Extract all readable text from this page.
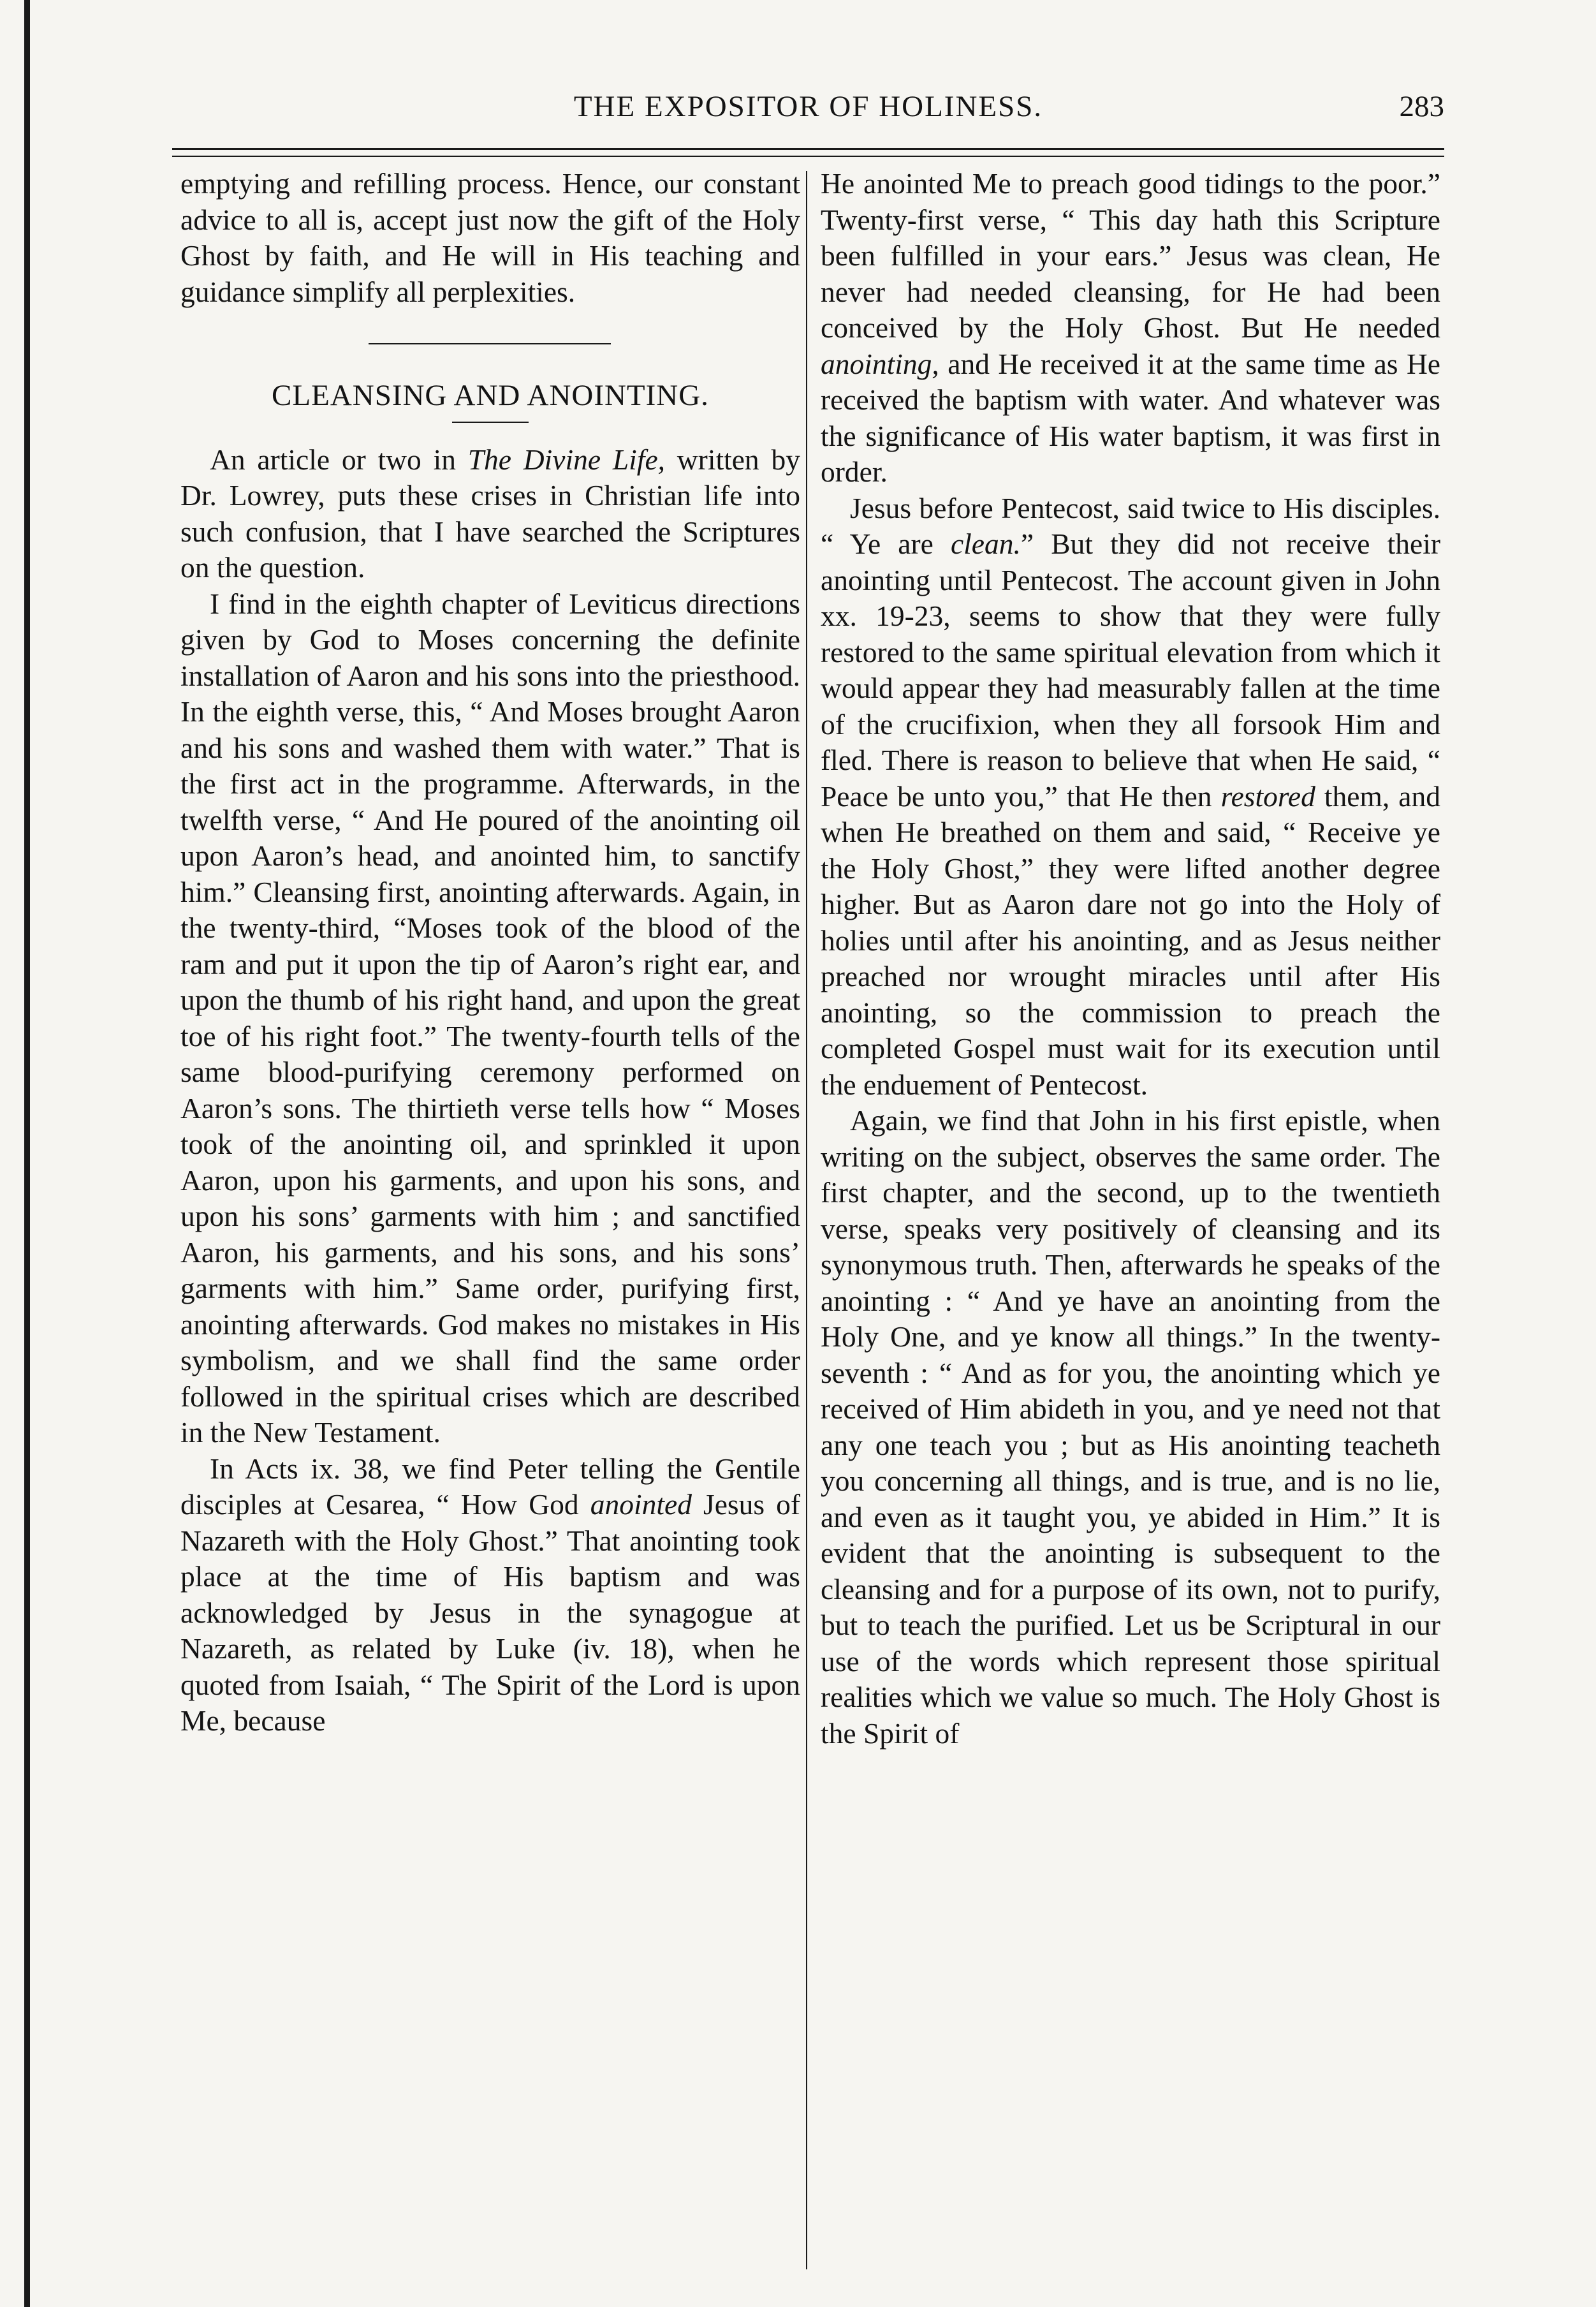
THE EXPOSITOR OF HOLINESS.	283

emptying and refilling process. Hence, our constant advice to all is, accept just now the gift of the Holy Ghost by faith, and He will in His teaching and guidance simplify all perplexities.

CLEANSING AND ANOINTING.

An article or two in The Divine Life, written by Dr. Lowrey, puts these crises in Christian life into such confusion, that I have searched the Scriptures on the question.

I find in the eighth chapter of Leviticus directions given by God to Moses concerning the definite installation of Aaron and his sons into the priesthood. In the eighth verse, this, “ And Moses brought Aaron and his sons and washed them with water.” That is the first act in the programme. Afterwards, in the twelfth verse, “ And He poured of the anointing oil upon Aaron’s head, and anointed him, to sanctify him.” Cleansing first, anointing afterwards. Again, in the twenty-third, “Moses took of the blood of the ram and put it upon the tip of Aaron’s right ear, and upon the thumb of his right hand, and upon the great toe of his right foot.” The twenty-fourth tells of the same blood-purifying ceremony performed on Aaron’s sons. The thirtieth verse tells how “ Moses took of the anointing oil, and sprinkled it upon Aaron, upon his garments, and upon his sons, and upon his sons’ garments with him ; and sanctified Aaron, his garments, and his sons, and his sons’ garments with him.” Same order, purifying first, anointing afterwards. God makes no mistakes in His symbolism, and we shall find the same order followed in the spiritual crises which are described in the New Testament.

In Acts ix. 38, we find Peter telling the Gentile disciples at Cesarea, “ How God anointed Jesus of Nazareth with the Holy Ghost.” That anointing took place at the time of His baptism and was acknowledged by Jesus in the synagogue at Nazareth, as related by Luke (iv. 18), when he quoted from Isaiah, “ The Spirit of the Lord is upon Me, because

He anointed Me to preach good tidings to the poor.” Twenty-first verse, “ This day hath this Scripture been fulfilled in your ears.” Jesus was clean, He never had needed cleansing, for He had been conceived by the Holy Ghost. But He needed anointing, and He received it at the same time as He received the baptism with water. And whatever was the significance of His water baptism, it was first in order.

Jesus before Pentecost, said twice to His disciples. “ Ye are clean.” But they did not receive their anointing until Pentecost. The account given in John xx. 19-23, seems to show that they were fully restored to the same spiritual elevation from which it would appear they had measurably fallen at the time of the crucifixion, when they all forsook Him and fled. There is reason to believe that when He said, “ Peace be unto you,” that He then restored them, and when He breathed on them and said, “ Receive ye the Holy Ghost,” they were lifted another degree higher. But as Aaron dare not go into the Holy of holies until after his anointing, and as Jesus neither preached nor wrought miracles until after His anointing, so the commission to preach the completed Gospel must wait for its execution until the enduement of Pentecost.

Again, we find that John in his first epistle, when writing on the subject, observes the same order. The first chapter, and the second, up to the twentieth verse, speaks very positively of cleansing and its synonymous truth. Then, afterwards he speaks of the anointing : “ And ye have an anointing from the Holy One, and ye know all things.” In the twenty-seventh : “ And as for you, the anointing which ye received of Him abideth in you, and ye need not that any one teach you ; but as His anointing teacheth you concerning all things, and is true, and is no lie, and even as it taught you, ye abided in Him.” It is evident that the anointing is subsequent to the cleansing and for a purpose of its own, not to purify, but to teach the purified. Let us be Scriptural in our use of the words which represent those spiritual realities which we value so much. The Holy Ghost is the Spirit of
